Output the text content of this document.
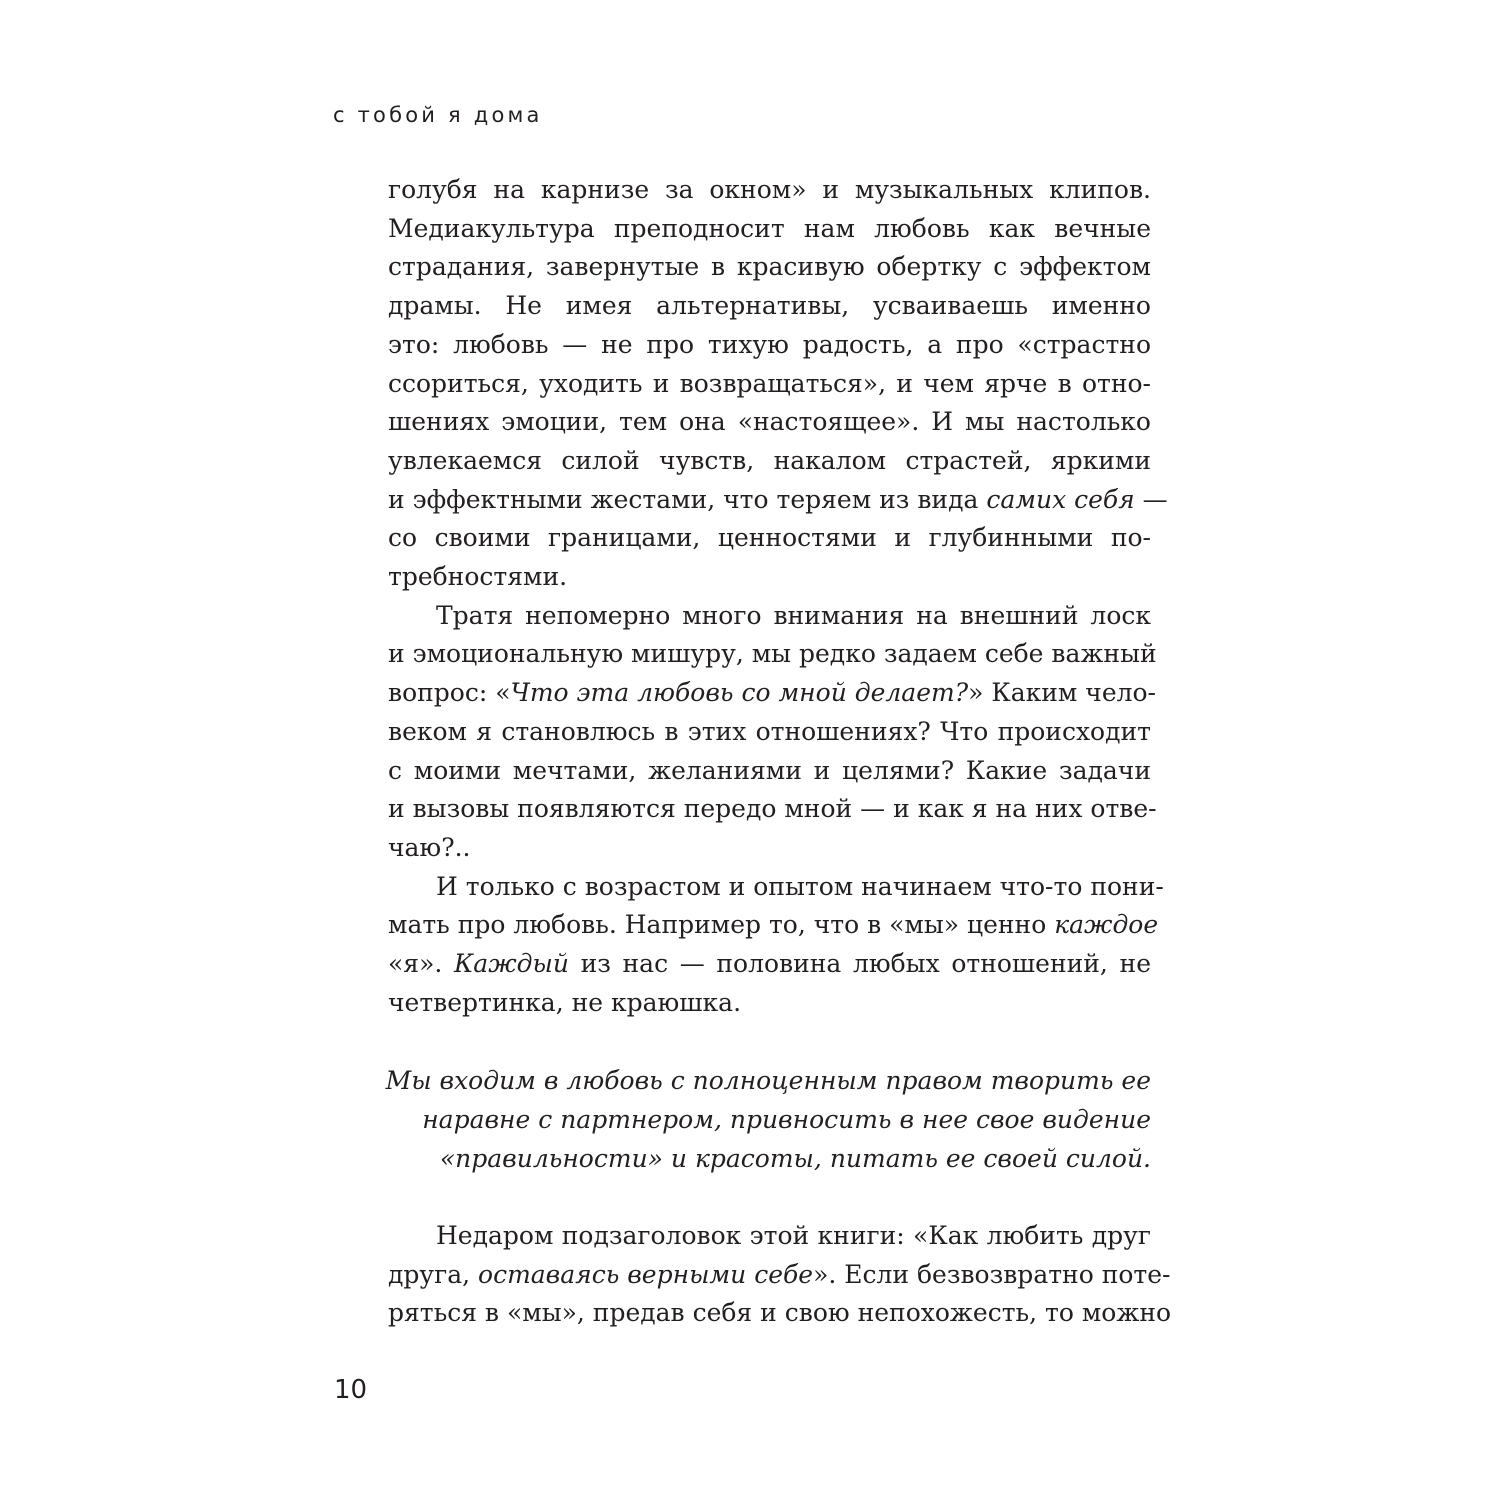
с тобой я дома
голубя на карнизе за окном» и музыкальных клипов.
Медиакультура преподносит нам любовь как вечные
страдания, завернутые в красивую обертку с эффектом
драмы. Не имея альтернативы, усваиваешь именно
это: любовь — не про тихую радость, а про «страстно
ссориться, уходить и возвращаться», и чем ярче в отно-
шениях эмоции, тем она «настоящее». И мы настолько
увлекаемся силой чувств, накалом страстей, яркими
и эффектными жестами, что теряем из вида самих себя —
со своими границами, ценностями и глубинными по-
требностями.
Тратя непомерно много внимания на внешний лоск
и эмоциональную мишуру, мы редко задаем себе важный
вопрос: «Что эта любовь со мной делает?» Каким чело-
веком я становлюсь в этих отношениях? Что происходит
с моими мечтами, желаниями и целями? Какие задачи
и вызовы появляются передо мной — и как я на них отве-
чаю?..
И только с возрастом и опытом начинаем что-то пони-
мать про любовь. Например то, что в «мы» ценно каждое
«я». Каждый из нас — половина любых отношений, не
четвертинка, не краюшка.
Мы входим в любовь с полноценным правом творить ее
наравне с партнером, привносить в нее свое видение
«правильности» и красоты, питать ее своей силой.
Недаром подзаголовок этой книги: «Как любить друг
друга, оставаясь верными себе». Если безвозвратно поте-
ряться в «мы», предав себя и свою непохожесть, то можно
10
